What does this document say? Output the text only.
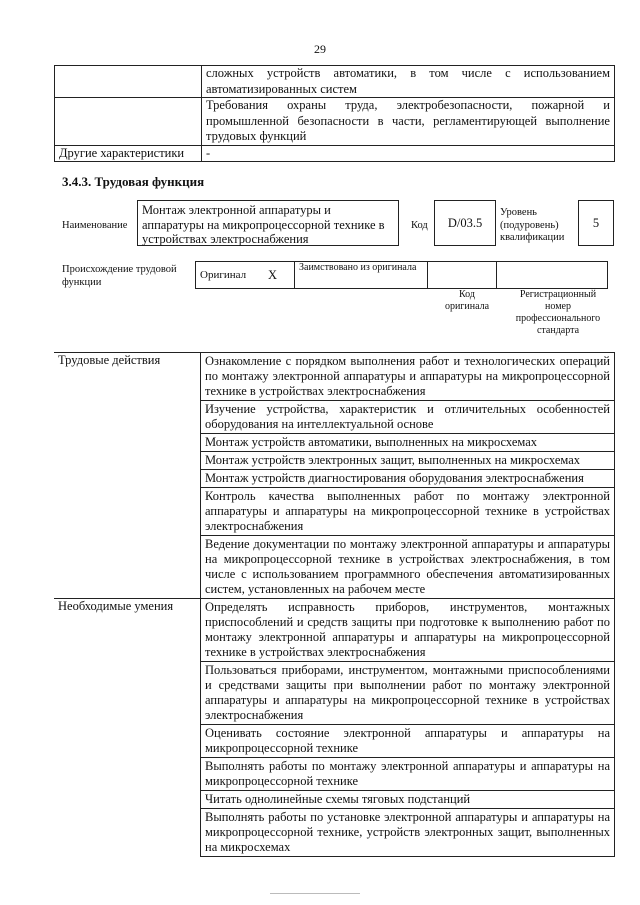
29
	сложных устройств автоматики, в том числе с использованием автоматизированных систем
	Требования охраны труда, электробезопасности, пожарной и промышленной безопасности в части, регламентирующей выполнение трудовых функций
Другие характеристики	-
3.4.3. Трудовая функция
Наименование
Монтаж электронной аппаратуры и аппаратуры на микропроцессорной технике в устройствах электроснабжения
Код	D/03.5
Уровень (подуровень) квалификации
5
Происхождение трудовой функции
Оригинал	X	Заимствовано из оригинала		
Код оригинала
Регистрационный номер профессионального стандарта
Трудовые действия	Ознакомление с порядком выполнения работ и технологических операций по монтажу электронной аппаратуры и аппаратуры на микропроцессорной технике в устройствах электроснабжения
	Изучение устройства, характеристик и отличительных особенностей оборудования на интеллектуальной основе
	Монтаж устройств автоматики, выполненных на микросхемах
	Монтаж устройств электронных защит, выполненных на микросхемах
	Монтаж устройств диагностирования оборудования электроснабжения
	Контроль качества выполненных работ по монтажу электронной аппаратуры и аппаратуры на микропроцессорной технике в устройствах электроснабжения
	Ведение документации по монтажу электронной аппаратуры и аппаратуры на микропроцессорной технике в устройствах электроснабжения, в том числе с использованием программного обеспечения автоматизированных систем, установленных на рабочем месте
Необходимые умения	Определять исправность приборов, инструментов, монтажных приспособлений и средств защиты при подготовке к выполнению работ по монтажу электронной аппаратуры и аппаратуры на микропроцессорной технике в устройствах электроснабжения
	Пользоваться приборами, инструментом, монтажными приспособлениями и средствами защиты при выполнении работ по монтажу электронной аппаратуры и аппаратуры на микропроцессорной технике в устройствах электроснабжения
	Оценивать состояние электронной аппаратуры и аппаратуры на микропроцессорной технике
	Выполнять работы по монтажу электронной аппаратуры и аппаратуры на микропроцессорной технике
	Читать однолинейные схемы тяговых подстанций
	Выполнять работы по установке электронной аппаратуры и аппаратуры на микропроцессорной технике, устройств электронных защит, выполненных на микросхемах
